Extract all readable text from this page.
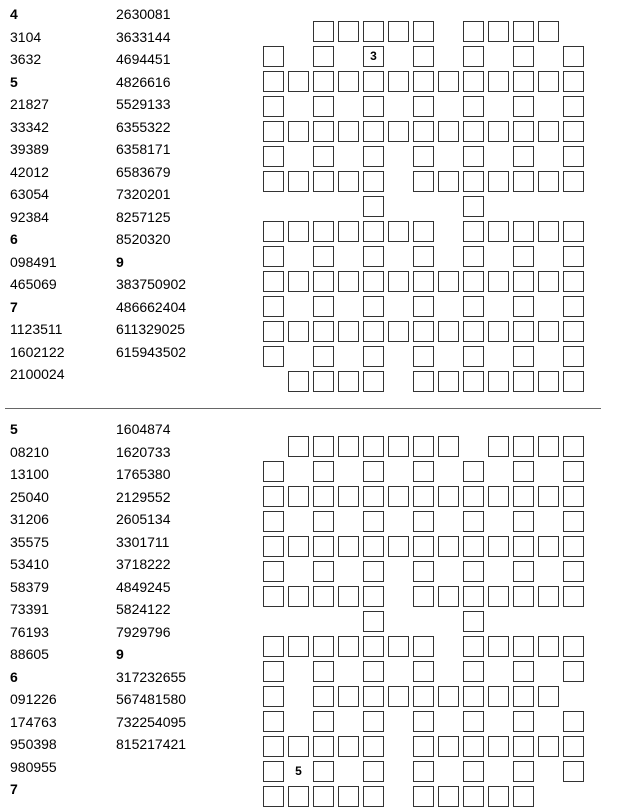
4
3104
3632
5
21827
33342
39389
42012
63054
92384
6
098491
465069
7
1123511
1602122
2100024
2630081
3633144
4694451
4826616
5529133
6355322
6358171
6583679
7320201
8257125
8520320
9
383750902
486662404
611329025
615943502
3
5
08210
13100
25040
31206
35575
53410
58379
73391
76193
88605
6
091226
174763
950398
980955
7
1604874
1620733
1765380
2129552
2605134
3301711
3718222
4849245
5824122
7929796
9
317232655
567481580
732254095
815217421
5
